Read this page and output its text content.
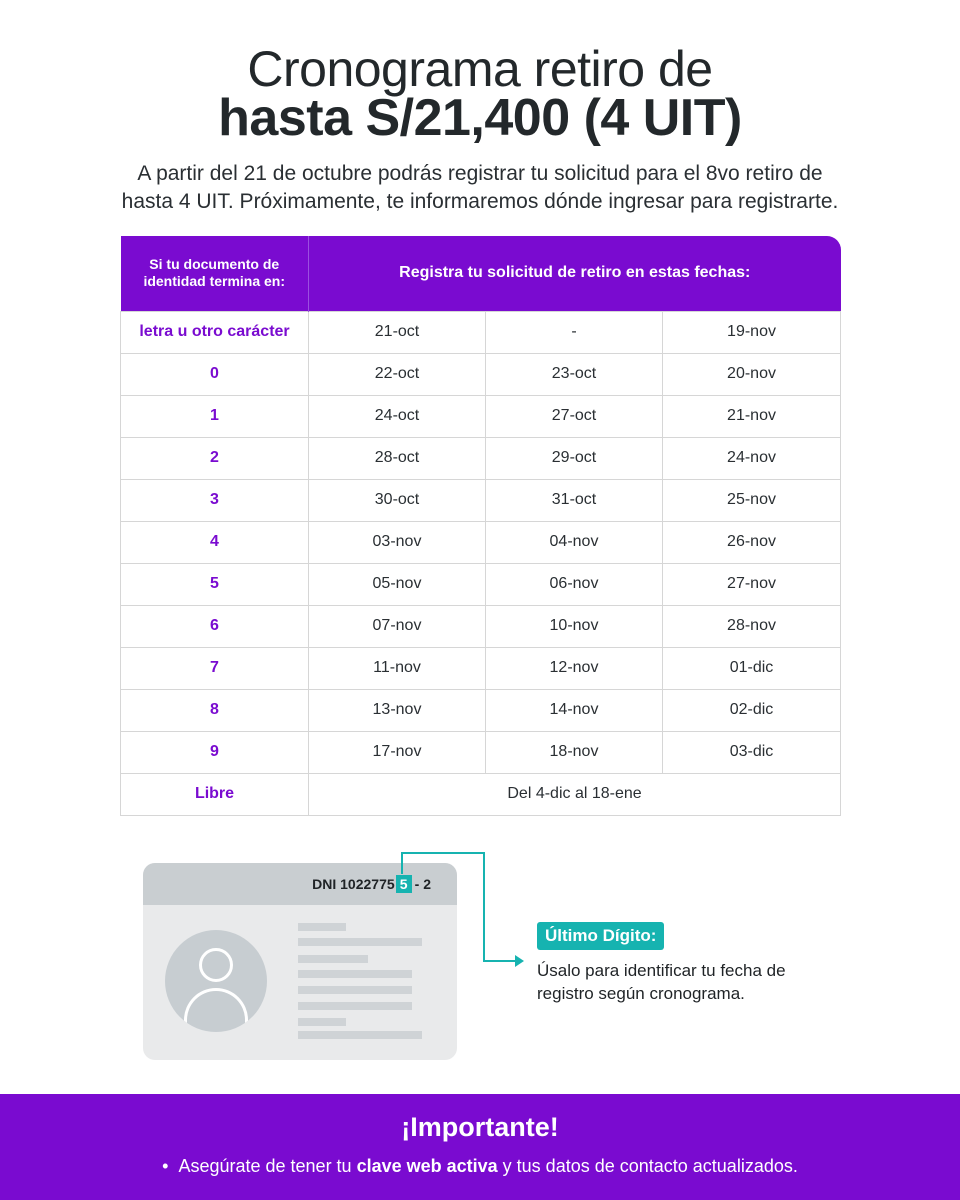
Cronograma retiro de
hasta S/21,400 (4 UIT)
A partir del 21 de octubre podrás registrar tu solicitud para el 8vo retiro de
hasta 4 UIT. Próximamente, te informaremos dónde ingresar para registrarte.
Si tu documento de identidad termina en:	Registra tu solicitud de retiro en estas fechas:		
letra u otro carácter	21-oct	-	19-nov
0	22-oct	23-oct	20-nov
1	24-oct	27-oct	21-nov
2	28-oct	29-oct	24-nov
3	30-oct	31-oct	25-nov
4	03-nov	04-nov	26-nov
5	05-nov	06-nov	27-nov
6	07-nov	10-nov	28-nov
7	11-nov	12-nov	01-dic
8	13-nov	14-nov	02-dic
9	17-nov	18-nov	03-dic
Libre	Del 4-dic al 18-ene		
DNI 1022775 5 - 2
Último Dígito:
Úsalo para identificar tu fecha de registro según cronograma.
¡Importante!
• Asegúrate de tener tu clave web activa y tus datos de contacto actualizados.
